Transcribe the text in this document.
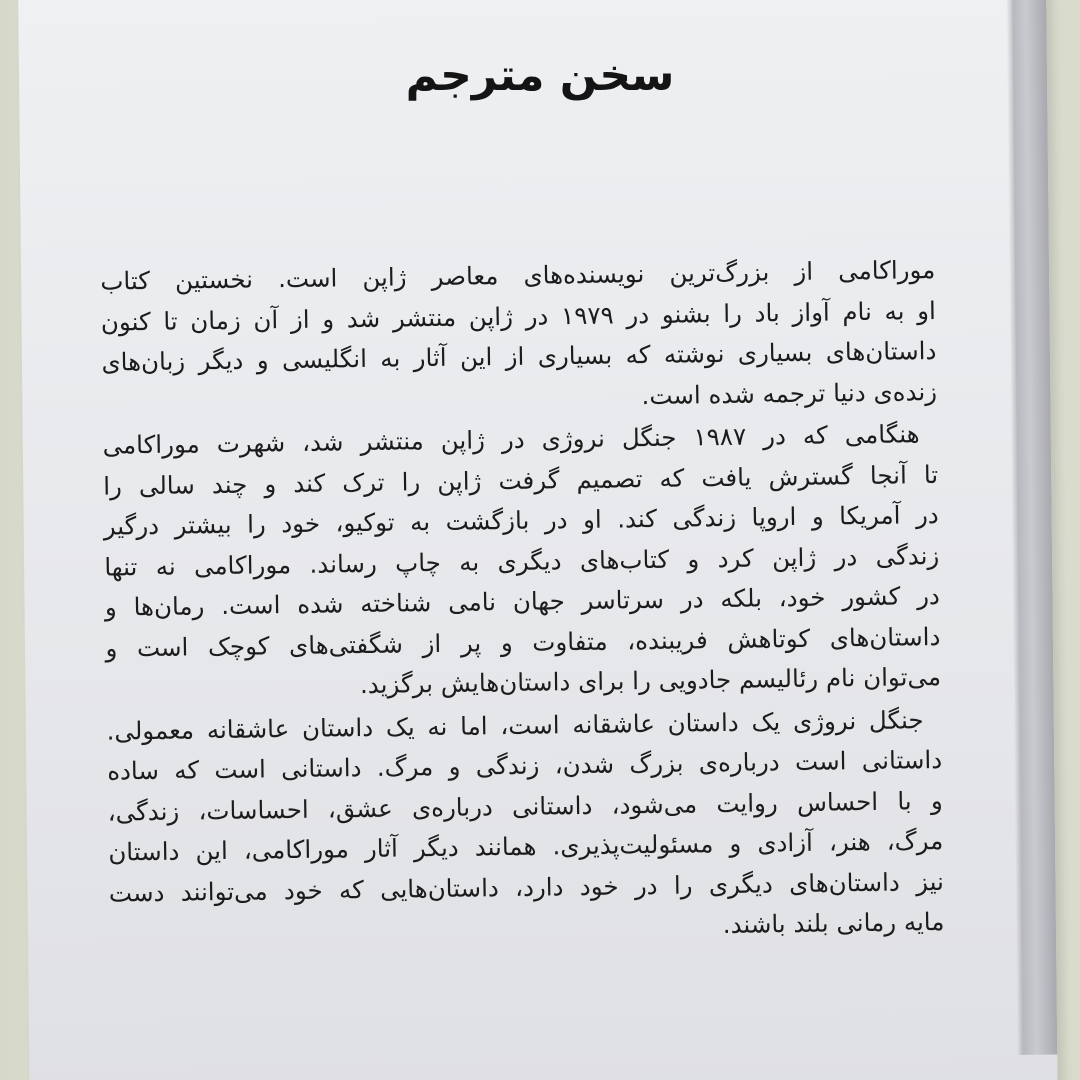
سخن مترجم

موراکامی از بزرگ‌ترین نویسنده‌های معاصر ژاپن است. نخستین کتاب
او به نام آواز باد را بشنو در ۱۹۷۹ در ژاپن منتشر شد و از آن زمان تا کنون
داستان‌های بسیاری نوشته که بسیاری از این آثار به انگلیسی و دیگر زبان‌های
زنده‌ی دنیا ترجمه شده است.

هنگامی که در ۱۹۸۷ جنگل نروژی در ژاپن منتشر شد، شهرت موراکامی
تا آنجا گسترش یافت که تصمیم گرفت ژاپن را ترک کند و چند سالی را
در آمریکا و اروپا زندگی کند. او در بازگشت به توکیو، خود را بیشتر درگیر
زندگی در ژاپن کرد و کتاب‌های دیگری به چاپ رساند. موراکامی نه تنها
در کشور خود، بلکه در سرتاسر جهان نامی شناخته شده است. رمان‌ها و
داستان‌های کوتاهش فریبنده، متفاوت و پر از شگفتی‌های کوچک است و
می‌توان نام رئالیسم جادویی را برای داستان‌هایش برگزید.

جنگل نروژی یک داستان عاشقانه است، اما نه یک داستان عاشقانه معمولی.
داستانی است درباره‌ی بزرگ شدن، زندگی و مرگ. داستانی است که ساده
و با احساس روایت می‌شود، داستانی درباره‌ی عشق، احساسات، زندگی،
مرگ، هنر، آزادی و مسئولیت‌پذیری. همانند دیگر آثار موراکامی، این داستان
نیز داستان‌های دیگری را در خود دارد، داستان‌هایی که خود می‌توانند دست
مایه رمانی بلند باشند.
